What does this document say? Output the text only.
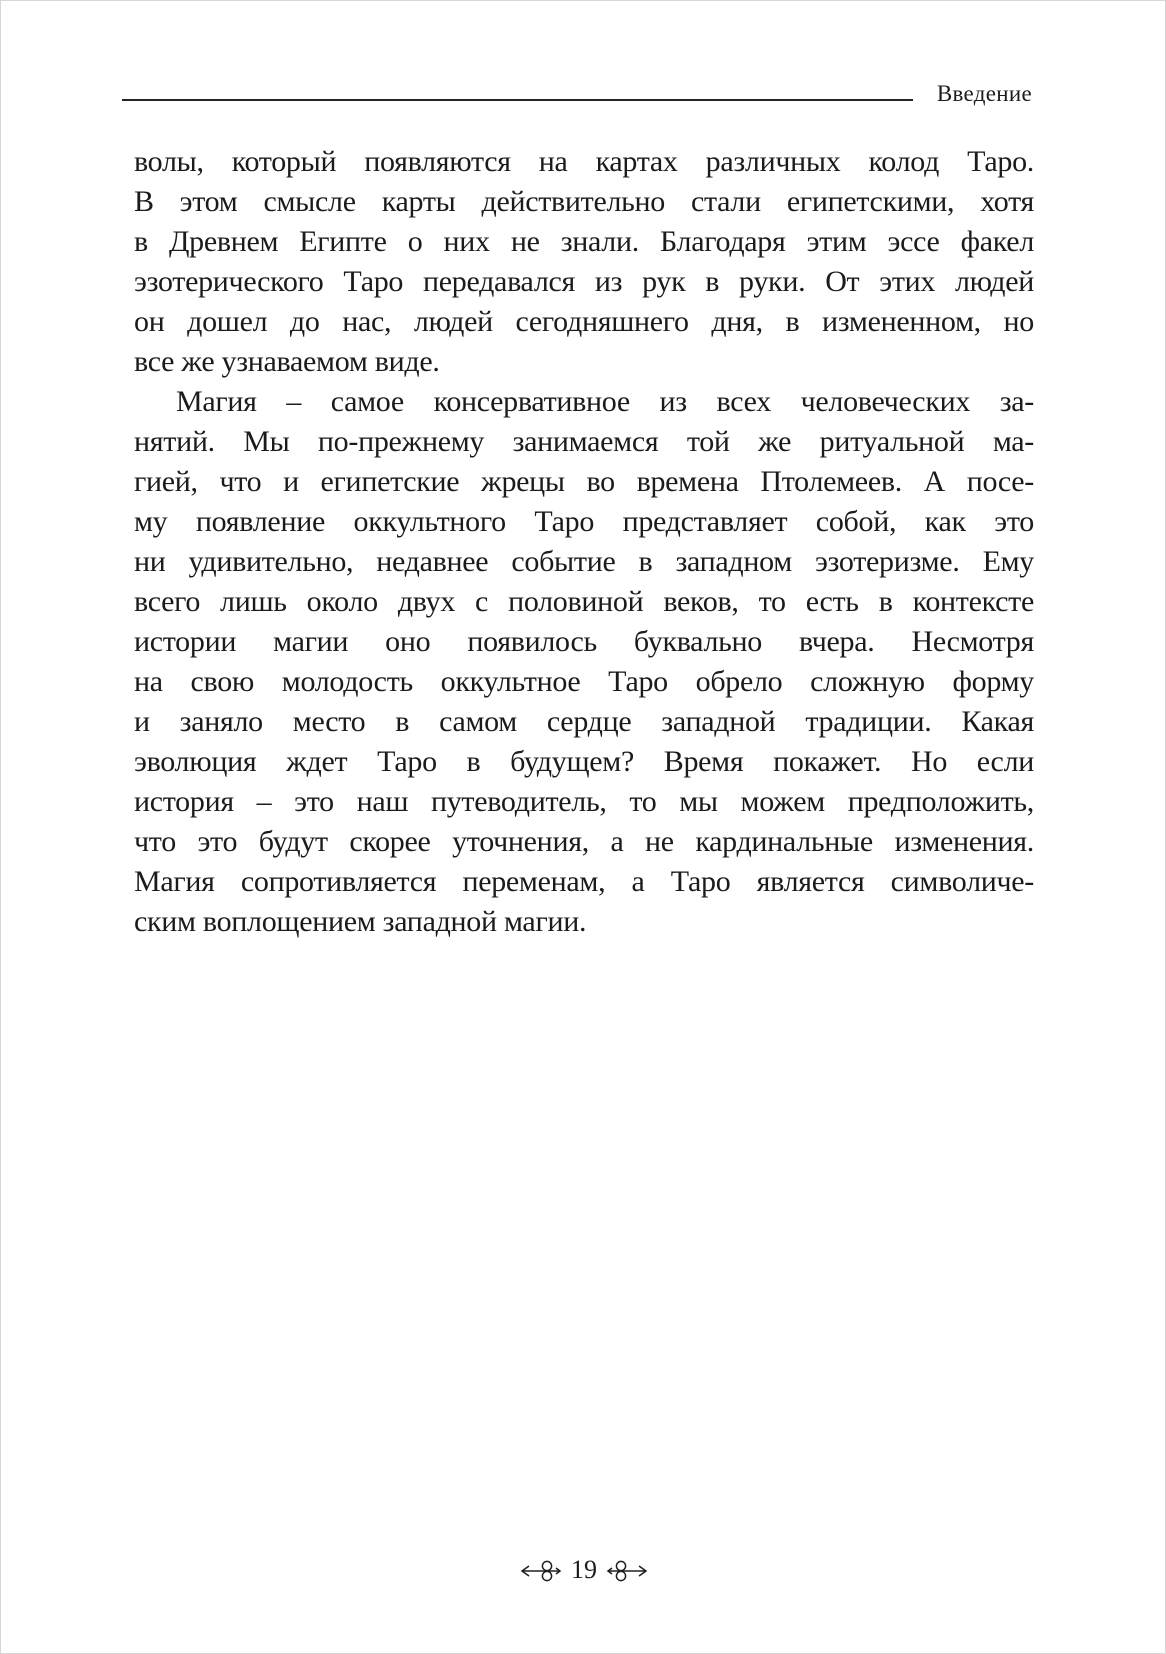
Введение
волы, который появляются на картах различных колод Таро.
В этом смысле карты действительно стали египетскими, хотя
в Древнем Египте о них не знали. Благодаря этим эссе факел
эзотерического Таро передавался из рук в руки. От этих людей
он дошел до нас, людей сегодняшнего дня, в измененном, но
все же узнаваемом виде.
Магия – самое консервативное из всех человеческих за-
нятий. Мы по-прежнему занимаемся той же ритуальной ма-
гией, что и египетские жрецы во времена Птолемеев. А посе-
му появление оккультного Таро представляет собой, как это
ни удивительно, недавнее событие в западном эзотеризме. Ему
всего лишь около двух с половиной веков, то есть в контексте
истории магии оно появилось буквально вчера. Несмотря
на свою молодость оккультное Таро обрело сложную форму
и заняло место в самом сердце западной традиции. Какая
эволюция ждет Таро в будущем? Время покажет. Но если
история – это наш путеводитель, то мы можем предположить,
что это будут скорее уточнения, а не кардинальные изменения.
Магия сопротивляется переменам, а Таро является символиче-
ским воплощением западной магии.
19
